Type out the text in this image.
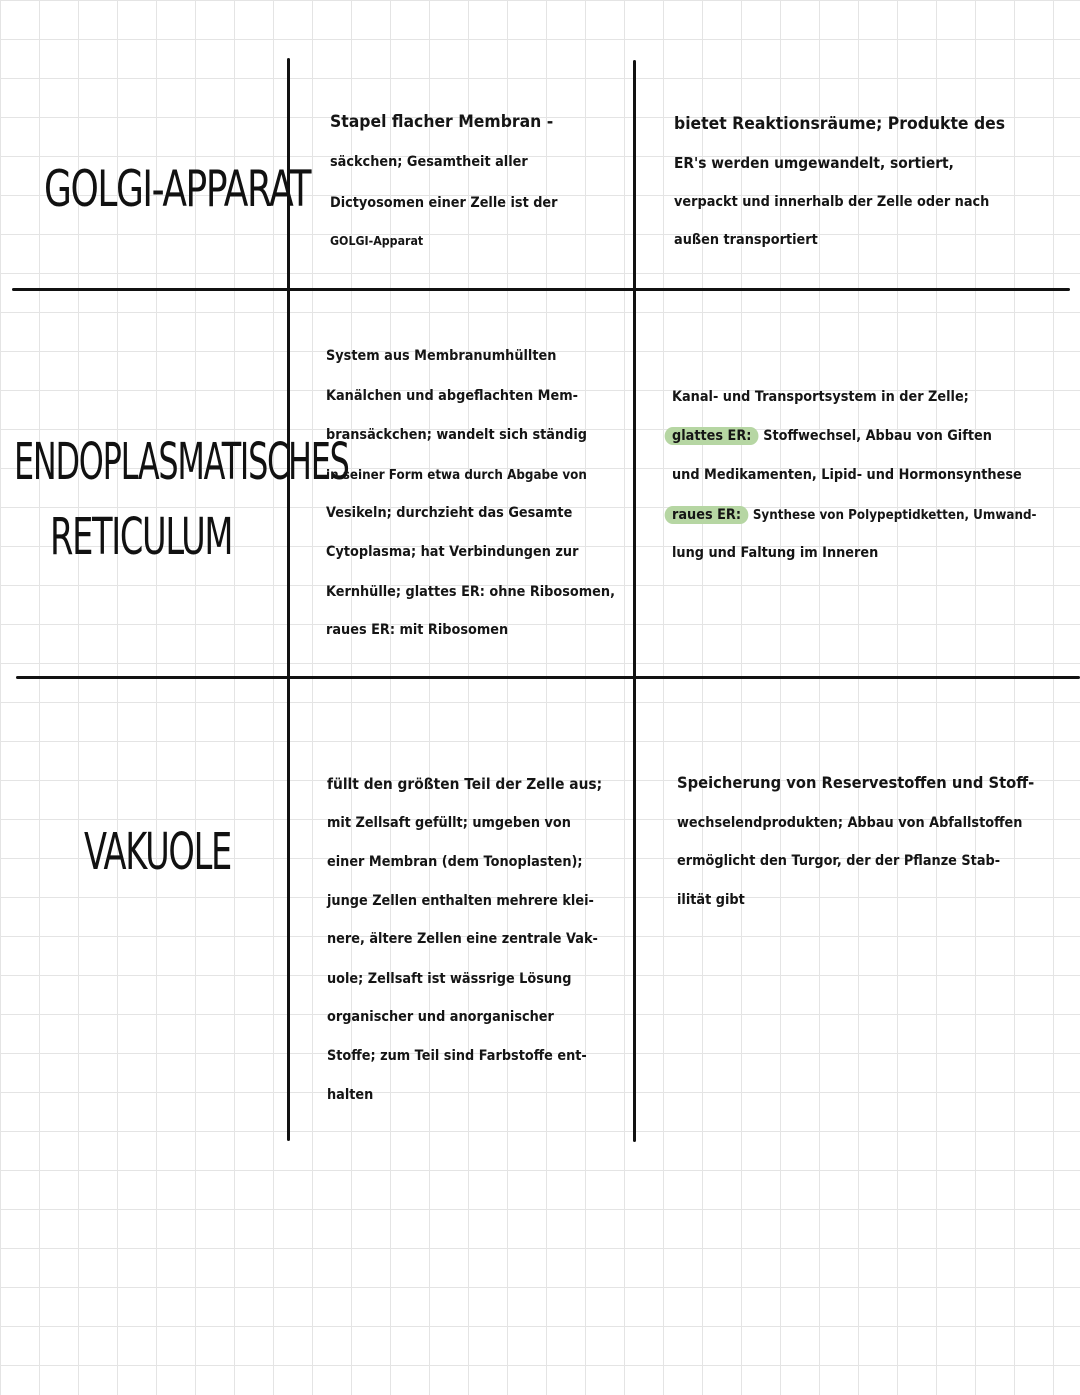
GOLGI-APPARAT
Stapel flacher Membran -
säckchen; Gesamtheit aller
Dictyosomen einer Zelle ist der
GOLGI-Apparat
bietet Reaktionsräume; Produkte des
ER's werden umgewandelt, sortiert,
verpackt und innerhalb der Zelle oder nach
außen transportiert
ENDOPLASMATISCHES
RETICULUM
System aus Membranumhüllten
Kanälchen und abgeflachten Mem-
bransäckchen; wandelt sich ständig
in seiner Form etwa durch Abgabe von
Vesikeln; durchzieht das Gesamte
Cytoplasma; hat Verbindungen zur
Kernhülle; glattes ER: ohne Ribosomen,
raues ER: mit Ribosomen
Kanal- und Transportsystem in der Zelle;
glattes ER: Stoffwechsel, Abbau von Giften
und Medikamenten, Lipid- und Hormonsynthese
raues ER: Synthese von Polypeptidketten, Umwand-
lung und Faltung im Inneren
VAKUOLE
füllt den größten Teil der Zelle aus;
mit Zellsaft gefüllt; umgeben von
einer Membran (dem Tonoplasten);
junge Zellen enthalten mehrere klei-
nere, ältere Zellen eine zentrale Vak-
uole; Zellsaft ist wässrige Lösung
organischer und anorganischer
Stoffe; zum Teil sind Farbstoffe ent-
halten
Speicherung von Reservestoffen und Stoff-
wechselendprodukten; Abbau von Abfallstoffen
ermöglicht den Turgor, der der Pflanze Stab-
ilität gibt
